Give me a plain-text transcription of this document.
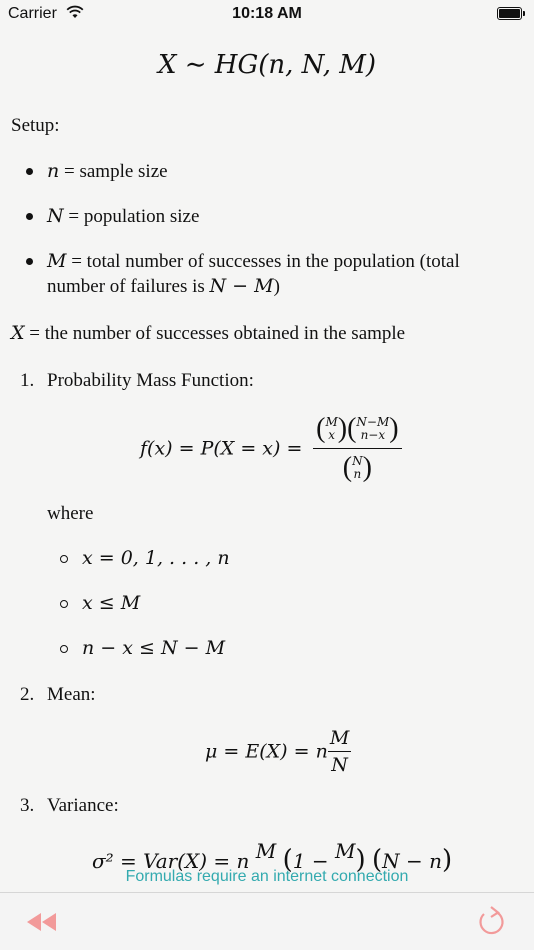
Carrier	10:18 AM
X ∼ HG(n, N, M)
Setup:
n = sample size
N = population size
M = total number of successes in the population (total
number of failures is N − M)
X = the number of successes obtained in the sample
1. Probability Mass Function:
f(x) = P(X = x) =
(M
x)(N−M
n−x )
(N
n)
where
x = 0, 1, . . . , n
x ≤ M
n − x ≤ N − M
2. Mean:
μ = E(X) = n $\frac{M}{N}$
3. Variance:
σ² = Var(X) = n M (1 − M) (N − n)
Formulas require an internet connection
